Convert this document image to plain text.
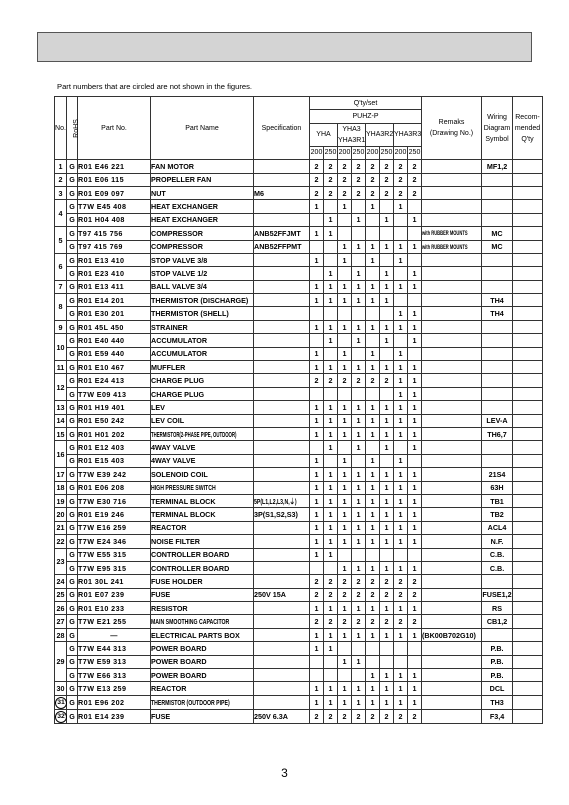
Part numbers that are circled are not shown in the figures.
No.	RoHS	Part No.	Part Name	Specification	Q'ty/set								Remaks
(Drawing No.)	Wiring
Diagram
Symbol	Recom-
mended
Q'ty
					PUHZ-P										
					YHA		YHA3
YHA3R1		YHA3R2		YHA3R3				
					200	250	200	250	200	250	200	250			
1	G	R01 E46 221	FAN MOTOR		2	2	2	2	2	2	2	2		MF1,2	
2	G	R01 E06 115	PROPELLER FAN		2	2	2	2	2	2	2	2			
3	G	R01 E09 097	NUT	M6	2	2	2	2	2	2	2	2			
4	G	T7W E45 408	HEAT EXCHANGER		1		1		1		1				
	G	R01 H04 408	HEAT EXCHANGER			1		1		1		1			
5	G	T97 415 756	COMPRESSOR	ANB52FFJMT	1	1							with RUBBER MOUNTS	MC	
	G	T97 415 769	COMPRESSOR	ANB52FFPMT			1	1	1	1	1	1	with RUBBER MOUNTS	MC	
6	G	R01 E13 410	STOP VALVE 3/8		1		1		1		1				
	G	R01 E23 410	STOP VALVE 1/2			1		1		1		1			
7	G	R01 E13 411	BALL VALVE 3/4		1	1	1	1	1	1	1	1			
8	G	R01 E14 201	THERMISTOR (DISCHARGE)		1	1	1	1	1	1				TH4	
	G	R01 E30 201	THERMISTOR (SHELL)								1	1		TH4	
9	G	R01 45L 450	STRAINER		1	1	1	1	1	1	1	1			
10	G	R01 E40 440	ACCUMULATOR			1		1		1		1			
	G	R01 E59 440	ACCUMULATOR		1		1		1		1				
11	G	R01 E10 467	MUFFLER		1	1	1	1	1	1	1	1			
12	G	R01 E24 413	CHARGE PLUG		2	2	2	2	2	2	1	1			
	G	T7W E09 413	CHARGE PLUG								1	1			
13	G	R01 H19 401	LEV		1	1	1	1	1	1	1	1			
14	G	R01 E50 242	LEV COIL		1	1	1	1	1	1	1	1		LEV-A	
15	G	R01 H01 202	THERMISTOR(2-PHASE PIPE, OUTDOOR)		1	1	1	1	1	1	1	1		TH6,7	
16	G	R01 E12 403	4WAY VALVE			1		1		1		1			
	G	R01 E15 403	4WAY VALVE		1		1		1		1				
17	G	T7W E39 242	SOLENOID COIL		1	1	1	1	1	1	1	1		21S4	
18	G	R01 E06 208	HIGH PRESSURE SWITCH		1	1	1	1	1	1	1	1		63H	
19	G	T7W E30 716	TERMINAL BLOCK	5P(L1,L2,L3,N,⏚)	1	1	1	1	1	1	1	1		TB1	
20	G	R01 E19 246	TERMINAL BLOCK	3P(S1,S2,S3)	1	1	1	1	1	1	1	1		TB2	
21	G	T7W E16 259	REACTOR		1	1	1	1	1	1	1	1		ACL4	
22	G	T7W E24 346	NOISE FILTER		1	1	1	1	1	1	1	1		N.F.	
23	G	T7W E55 315	CONTROLLER BOARD		1	1								C.B.	
	G	T7W E95 315	CONTROLLER BOARD				1	1	1	1	1	1		C.B.	
24	G	R01 30L 241	FUSE HOLDER		2	2	2	2	2	2	2	2			
25	G	R01 E07 239	FUSE	250V 15A	2	2	2	2	2	2	2	2		FUSE1,2	
26	G	R01 E10 233	RESISTOR		1	1	1	1	1	1	1	1		RS	
27	G	T7W E21 255	MAIN SMOOTHING CAPACITOR		2	2	2	2	2	2	2	2		CB1,2	
28	G	—	ELECTRICAL PARTS BOX		1	1	1	1	1	1	1	1	(BK00B702G10)		
29	G	T7W E44 313	POWER BOARD		1	1								P.B.	
	G	T7W E59 313	POWER BOARD				1	1						P.B.	
	G	T7W E66 313	POWER BOARD						1	1	1	1		P.B.	
30	G	T7W E13 259	REACTOR		1	1	1	1	1	1	1	1		DCL	
31	G	R01 E96 202	THERMISTOR (OUTDOOR PIPE)		1	1	1	1	1	1	1	1		TH3	
32	G	R01 E14 239	FUSE	250V 6.3A	2	2	2	2	2	2	2	2		F3,4	
3
